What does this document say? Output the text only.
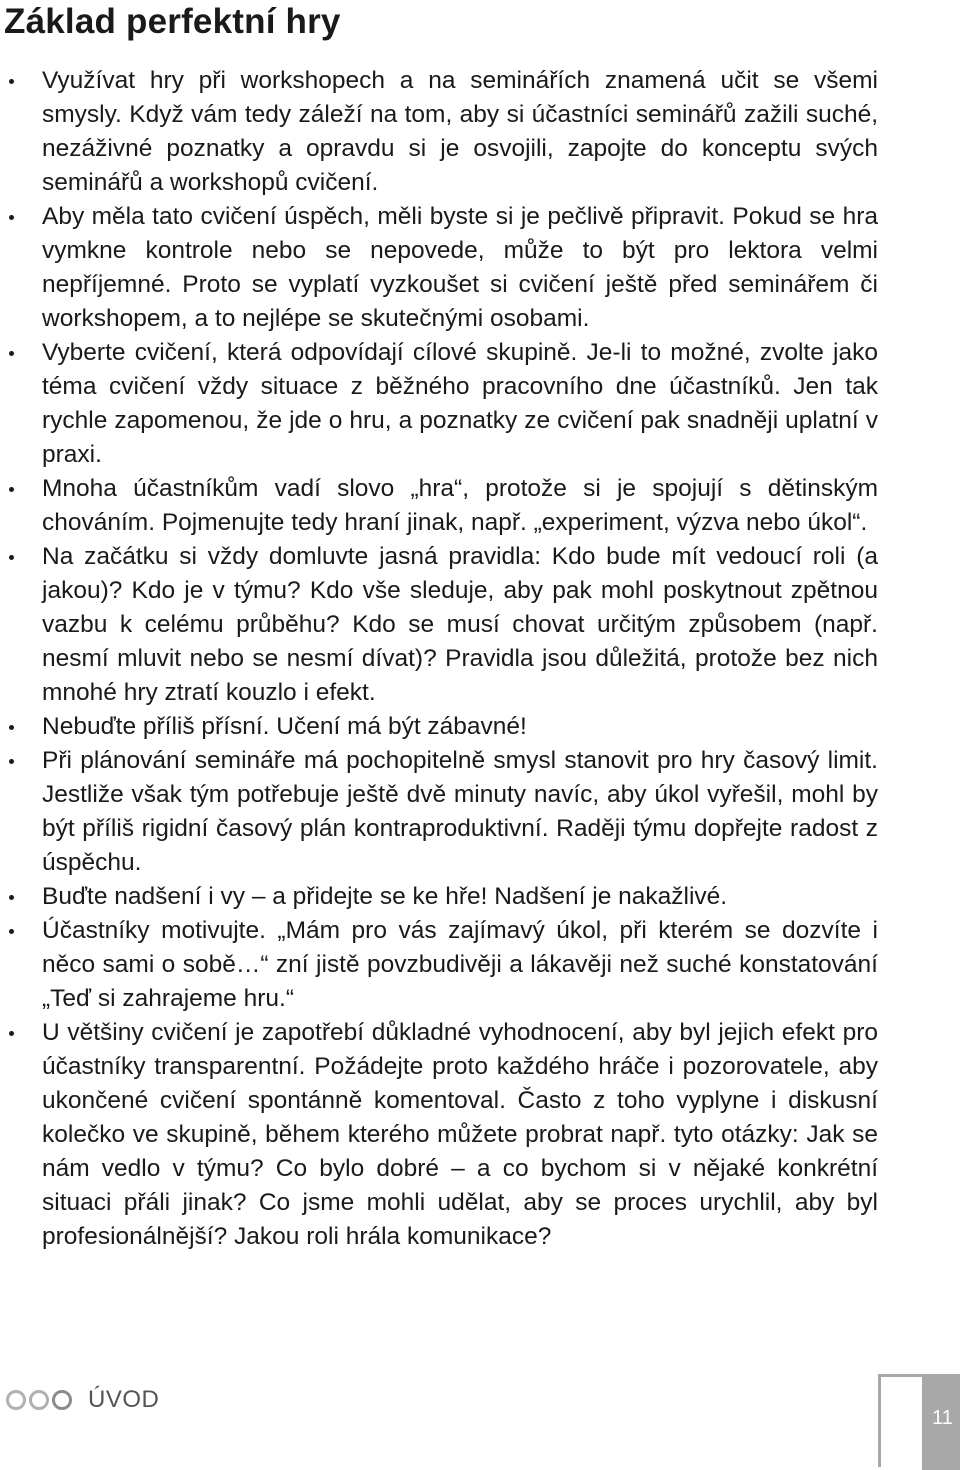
Základ perfektní hry
Využívat hry při workshopech a na seminářích znamená učit se všemi smysly. Když vám tedy záleží na tom, aby si účastníci seminářů zažili suché, nezáživné poznatky a opravdu si je osvojili, zapojte do konceptu svých seminářů a workshopů cvičení.
Aby měla tato cvičení úspěch, měli byste si je pečlivě připravit. Pokud se hra vymkne kontrole nebo se nepovede, může to být pro lektora velmi nepříjemné. Proto se vyplatí vyzkoušet si cvičení ještě před seminářem či workshopem, a to nejlépe se skutečnými osobami.
Vyberte cvičení, která odpovídají cílové skupině. Je-li to možné, zvolte jako téma cvičení vždy situace z běžného pracovního dne účastníků. Jen tak rychle zapomenou, že jde o hru, a poznatky ze cvičení pak snadněji uplatní v praxi.
Mnoha účastníkům vadí slovo „hra“, protože si je spojují s dětinským chováním. Pojmenujte tedy hraní jinak, např. „experiment, výzva nebo úkol“.
Na začátku si vždy domluvte jasná pravidla: Kdo bude mít vedoucí roli (a jakou)? Kdo je v týmu? Kdo vše sleduje, aby pak mohl poskytnout zpětnou vazbu k celému průběhu? Kdo se musí chovat určitým způsobem (např. nesmí mluvit nebo se nesmí dívat)? Pravidla jsou důležitá, protože bez nich mnohé hry ztratí kouzlo i efekt.
Nebuďte příliš přísní. Učení má být zábavné!
Při plánování semináře má pochopitelně smysl stanovit pro hry časový limit. Jestliže však tým potřebuje ještě dvě minuty navíc, aby úkol vyřešil, mohl by být příliš rigidní časový plán kontraproduktivní. Raději týmu dopřejte radost z úspěchu.
Buďte nadšení i vy – a přidejte se ke hře! Nadšení je nakažlivé.
Účastníky motivujte. „Mám pro vás zajímavý úkol, při kterém se dozvíte i něco sami o sobě…“ zní jistě povzbudivěji a lákavěji než suché konstatování „Teď si zahrajeme hru.“
U většiny cvičení je zapotřebí důkladné vyhodnocení, aby byl jejich efekt pro účastníky transparentní. Požádejte proto každého hráče i pozorovatele, aby ukončené cvičení spontánně komentoval. Často z toho vyplyne i diskusní kolečko ve skupině, během kterého můžete probrat např. tyto otázky: Jak se nám vedlo v týmu? Co bylo dobré – a co bychom si v nějaké konkrétní situaci přáli jinak? Co jsme mohli udělat, aby se proces urychlil, aby byl profesionálnější? Jakou roli hrála komunikace?
ÚVOD
11
